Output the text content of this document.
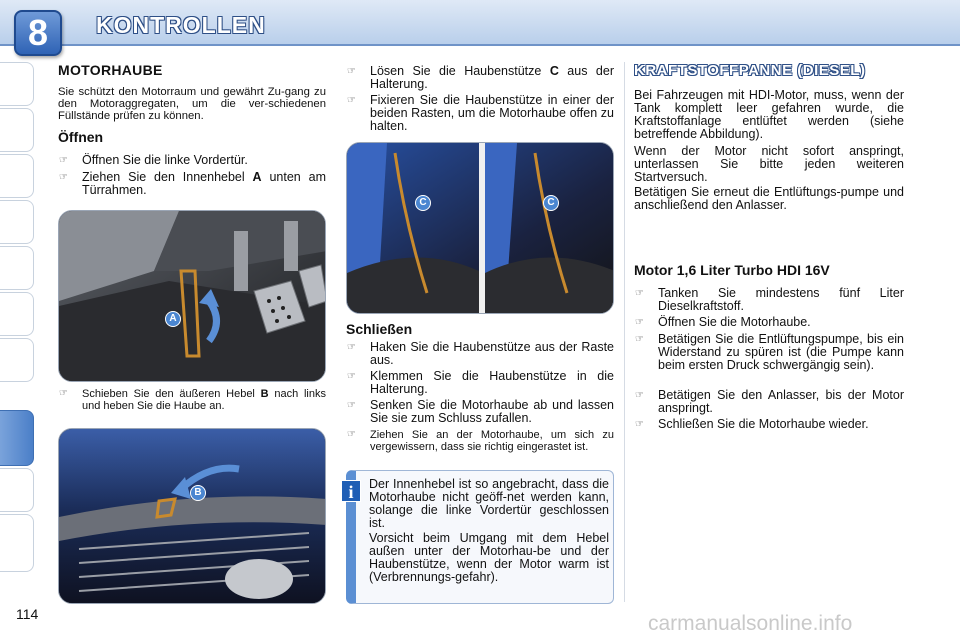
8	KONTROLLEN
MOTORHAUBE
Sie schützt den Motorraum und gewährt Zu-gang zu den Motoraggregaten, um die ver-schiedenen Füllstände prüfen zu können.
Öffnen
☞ Öffnen Sie die linke Vordertür.
☞ Ziehen Sie den Innenhebel A unten am Türrahmen.
A
☞ Schieben Sie den äußeren Hebel B nach links und heben Sie die Haube an.
B
☞ Lösen Sie die Haubenstütze C aus der Halterung.
☞ Fixieren Sie die Haubenstütze in einer der beiden Rasten, um die Motorhaube offen zu halten.
C	C
Schließen
☞ Haken Sie die Haubenstütze aus der Raste aus.
☞ Klemmen Sie die Haubenstütze in die Halterung.
☞ Senken Sie die Motorhaube ab und lassen Sie sie zum Schluss zufallen.
☞ Ziehen Sie an der Motorhaube, um sich zu vergewissern, dass sie richtig eingerastet ist.
i	Der Innenhebel ist so angebracht, dass die Motorhaube nicht geöff-net werden kann, solange die linke Vordertür geschlossen ist.
Vorsicht beim Umgang mit dem Hebel außen unter der Motorhau-be und der Haubenstütze, wenn der Motor warm ist (Verbrennungs-gefahr).
KRAFTSTOFFPANNE (DIESEL)
Bei Fahrzeugen mit HDI-Motor, muss, wenn der Tank komplett leer gefahren wurde, die Kraftstoffanlage entlüftet werden (siehe betreffende Abbildung).
Wenn der Motor nicht sofort anspringt, unterlassen Sie bitte jeden weiteren Startversuch.
Betätigen Sie erneut die Entlüftungs-pumpe und anschließend den Anlasser.
Motor 1,6 Liter Turbo HDI 16V
☞ Tanken Sie mindestens fünf Liter Dieselkraftstoff.
☞ Öffnen Sie die Motorhaube.
☞ Betätigen Sie die Entlüftungspumpe, bis ein Widerstand zu spüren ist (die Pumpe kann beim ersten Druck schwergängig sein).
☞ Betätigen Sie den Anlasser, bis der Motor anspringt.
☞ Schließen Sie die Motorhaube wieder.
114	carmanualsonline.info
